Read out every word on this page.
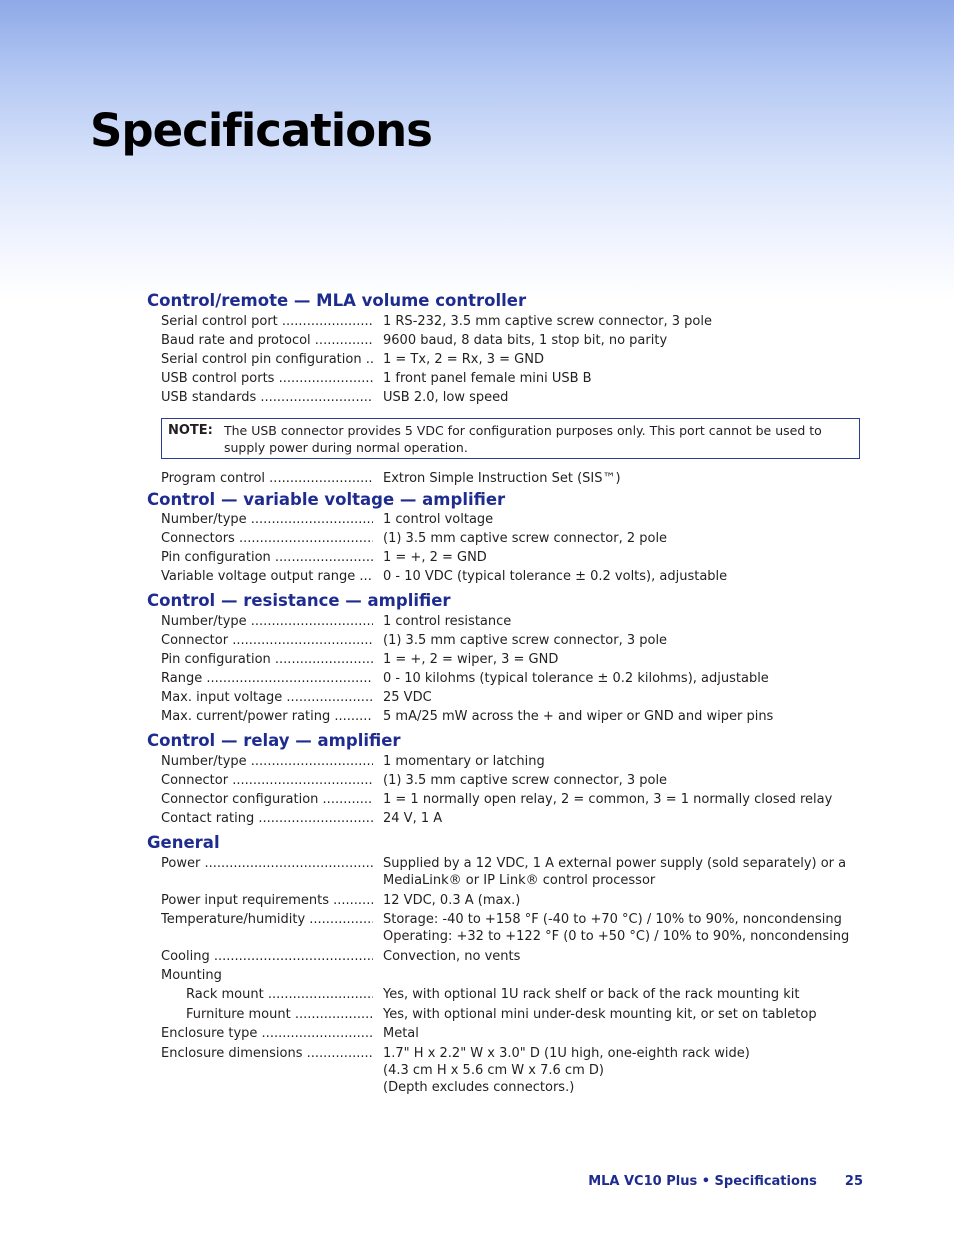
Specifications
Control/remote — MLA volume controller
Serial control port .....	1 RS-232, 3.5 mm captive screw connector, 3 pole
Baud rate and protocol .....	9600 baud, 8 data bits, 1 stop bit, no parity
Serial control pin configuration .....	1 = Tx, 2 = Rx, 3 = GND
USB control ports .....	1 front panel female mini USB B
USB standards .....	USB 2.0, low speed
NOTE: The USB connector provides 5 VDC for configuration purposes only. This port cannot be used to supply power during normal operation.
Program control .....	Extron Simple Instruction Set (SIS™)
Control — variable voltage — amplifier
Number/type .....	1 control voltage
Connectors .....	(1) 3.5 mm captive screw connector, 2 pole
Pin configuration .....	1 = +, 2 = GND
Variable voltage output range .....	0 - 10 VDC (typical tolerance ± 0.2 volts), adjustable
Control — resistance — amplifier
Number/type .....	1 control resistance
Connector .....	(1) 3.5 mm captive screw connector, 3 pole
Pin configuration .....	1 = +, 2 = wiper, 3 = GND
Range .....	0 - 10 kilohms (typical tolerance ± 0.2 kilohms), adjustable
Max. input voltage .....	25 VDC
Max. current/power rating .....	5 mA/25 mW across the + and wiper or GND and wiper pins
Control — relay — amplifier
Number/type .....	1 momentary or latching
Connector .....	(1) 3.5 mm captive screw connector, 3 pole
Connector configuration .....	1 = 1 normally open relay, 2 = common, 3 = 1 normally closed relay
Contact rating .....	24 V, 1 A
General
Power .....	Supplied by a 12 VDC, 1 A external power supply (sold separately) or a
MediaLink® or IP Link® control processor
Power input requirements .....	12 VDC, 0.3 A (max.)
Temperature/humidity .....	Storage: -40 to +158 °F (-40 to +70 °C) / 10% to 90%, noncondensing
Operating: +32 to +122 °F (0 to +50 °C) / 10% to 90%, noncondensing
Cooling .....	Convection, no vents
Mounting
Rack mount .....	Yes, with optional 1U rack shelf or back of the rack mounting kit
Furniture mount .....	Yes, with optional mini under-desk mounting kit, or set on tabletop
Enclosure type .....	Metal
Enclosure dimensions .....	1.7" H x 2.2" W x 3.0" D (1U high, one-eighth rack wide)
(4.3 cm H x 5.6 cm W x 7.6 cm D)
(Depth excludes connectors.)
MLA VC10 Plus • Specifications 25
